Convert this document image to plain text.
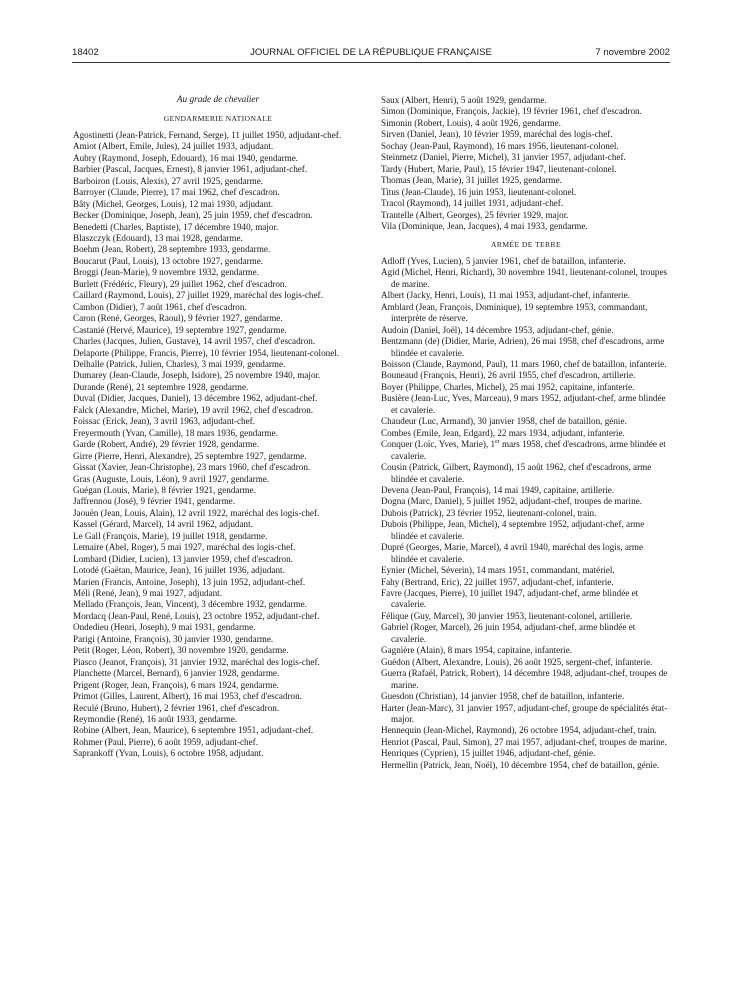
18402	JOURNAL OFFICIEL DE LA RÉPUBLIQUE FRANÇAISE	7 novembre 2002
Au grade de chevalier
GENDARMERIE NATIONALE

Agostinetti (Jean-Patrick, Fernand, Serge), 11 juillet 1950, adjudant-chef.

Amiot (Albert, Emile, Jules), 24 juillet 1933, adjudant.

Aubry (Raymond, Joseph, Edouard), 16 mai 1940, gendarme.

Barbier (Pascal, Jacques, Ernest), 8 janvier 1961, adjudant-chef.

Barboiron (Louis, Alexis), 27 avril 1925, gendarme.

Barroyer (Claude, Pierre), 17 mai 1962, chef d'escadron.

Bâty (Michel, Georges, Louis), 12 mai 1930, adjudant.

Becker (Dominique, Joseph, Jean), 25 juin 1959, chef d'escadron.

Benedetti (Charles, Baptiste), 17 décembre 1940, major.

Blaszczyk (Edouard), 13 mai 1928, gendarme.

Boehm (Jean, Robert), 28 septembre 1933, gendarme.

Boucarut (Paul, Louis), 13 octobre 1927, gendarme.

Broggi (Jean-Marie), 9 novembre 1932, gendarme.

Burlett (Frédéric, Fleury), 29 juillet 1962, chef d'escadron.

Caillard (Raymond, Louis), 27 juillet 1929, maréchal des logis-chef.

Cambon (Didier), 7 août 1961, chef d'escadron.

Caron (René, Georges, Raoul), 9 février 1927, gendarme.

Castanié (Hervé, Maurice), 19 septembre 1927, gendarme.

Charles (Jacques, Julien, Gustave), 14 avril 1957, chef d'escadron.

Delaporte (Philippe, Francis, Pierre), 10 février 1954, lieutenant-colonel.

Delhalle (Patrick, Julien, Charles), 3 mai 1939, gendarme.

Dumarey (Jean-Claude, Joseph, Isidore), 25 novembre 1940, major.

Durande (René), 21 septembre 1928, gendarme.

Duval (Didier, Jacques, Daniel), 13 décembre 1962, adjudant-chef.

Falck (Alexandre, Michel, Marie), 19 avril 1962, chef d'escadron.

Foissac (Erick, Jean), 3 avril 1963, adjudant-chef.

Freyermouth (Yvan, Camille), 18 mars 1936, gendarme.

Garde (Robert, André), 29 février 1928, gendarme.

Girre (Pierre, Henri, Alexandre), 25 septembre 1927, gendarme.

Gissat (Xavier, Jean-Christophe), 23 mars 1960, chef d'escadron.

Gras (Auguste, Louis, Léon), 9 avril 1927, gendarme.

Guégan (Louis, Marie), 8 février 1921, gendarme.

Jaffrennou (José), 9 février 1941, gendarme.

Jaouën (Jean, Louis, Alain), 12 avril 1922, maréchal des logis-chef.

Kassel (Gérard, Marcel), 14 avril 1962, adjudant.

Le Gall (François, Marie), 19 juillet 1918, gendarme.

Lemaire (Abel, Roger), 5 mai 1927, maréchal des logis-chef.

Lombard (Didier, Lucien), 13 janvier 1959, chef d'escadron.

Lotodé (Gaëtan, Maurice, Jean), 16 juillet 1936, adjudant.

Marien (Francis, Antoine, Joseph), 13 juin 1952, adjudant-chef.

Méli (René, Jean), 9 mai 1927, adjudant.

Mellado (François, Jean, Vincent), 3 décembre 1932, gendarme.

Mordacq (Jean-Paul, René, Louis), 23 octobre 1952, adjudant-chef.

Ondedieu (Henri, Joseph), 9 mai 1931, gendarme.

Parigi (Antoine, François), 30 janvier 1930, gendarme.

Petit (Roger, Léon, Robert), 30 novembre 1920, gendarme.

Piasco (Jeanot, François), 31 janvier 1932, maréchal des logis-chef.

Planchette (Marcel, Bernard), 6 janvier 1928, gendarme.

Prigent (Roger, Jean, François), 6 mars 1924, gendarme.

Primot (Gilles, Laurent, Albert), 16 mai 1953, chef d'escadron.

Reculé (Bruno, Hubert), 2 février 1961, chef d'escadron.

Reymondie (René), 16 août 1933, gendarme.

Robine (Albert, Jean, Maurice), 6 septembre 1951, adjudant-chef.

Rohmer (Paul, Pierre), 6 août 1959, adjudant-chef.

Saprankoff (Yvan, Louis), 6 octobre 1958, adjudant.

Saux (Albert, Henri), 5 août 1929, gendarme.

Simon (Dominique, François, Jackie), 19 février 1961, chef d'escadron.

Simonin (Robert, Louis), 4 août 1926, gendarme.

Sirven (Daniel, Jean), 10 février 1959, maréchal des logis-chef.

Sochay (Jean-Paul, Raymond), 16 mars 1956, lieutenant-colonel.

Steinmetz (Daniel, Pierre, Michel), 31 janvier 1957, adjudant-chef.

Tardy (Hubert, Marie, Paul), 15 février 1947, lieutenant-colonel.

Thomas (Jean, Marie), 31 juillet 1925, gendarme.

Titus (Jean-Claude), 16 juin 1953, lieutenant-colonel.

Tracol (Raymond), 14 juillet 1931, adjudant-chef.

Trantelle (Albert, Georges), 25 février 1929, major.

Vila (Dominique, Jean, Jacques), 4 mai 1933, gendarme.

ARMÉE DE TERRE

Adloff (Yves, Lucien), 5 janvier 1961, chef de bataillon, infanterie.

Agid (Michel, Henri, Richard), 30 novembre 1941, lieutenant-colonel, troupes de marine.

Albert (Jacky, Henri, Louis), 11 mai 1953, adjudant-chef, infanterie.

Amblard (Jean, François, Dominique), 19 septembre 1953, commandant, interprète de réserve.

Audoin (Daniel, Joël), 14 décembre 1953, adjudant-chef, génie.

Bentzmann (de) (Didier, Marie, Adrien), 26 mai 1958, chef d'escadrons, arme blindée et cavalerie.

Boisson (Claude, Raymond, Paul), 11 mars 1960, chef de bataillon, infanterie.

Bouneaud (François, Henri), 26 avril 1955, chef d'escadron, artillerie.

Boyer (Philippe, Charles, Michel), 25 mai 1952, capitaine, infanterie.

Busière (Jean-Luc, Yves, Marceau), 9 mars 1952, adjudant-chef, arme blindée et cavalerie.

Chaudeur (Luc, Armand), 30 janvier 1958, chef de bataillon, génie.

Combes (Emile, Jean, Edgard), 22 mars 1934, adjudant, infanterie.

Conquer (Loïc, Yves, Marie), 1er mars 1958, chef d'escadrons, arme blindée et cavalerie.

Cousin (Patrick, Gilbert, Raymond), 15 août 1962, chef d'escadrons, arme blindée et cavalerie.

Devena (Jean-Paul, François), 14 mai 1949, capitaine, artillerie.

Dogna (Marc, Daniel), 5 juillet 1952, adjudant-chef, troupes de marine.

Dubois (Patrick), 23 février 1952, lieutenant-colonel, train.

Dubois (Philippe, Jean, Michel), 4 septembre 1952, adjudant-chef, arme blindée et cavalerie.

Dupré (Georges, Marie, Marcel), 4 avril 1940, maréchal des logis, arme blindée et cavalerie.

Eynier (Michel, Séverin), 14 mars 1951, commandant, matériel.

Fahy (Bertrand, Eric), 22 juillet 1957, adjudant-chef, infanterie.

Favre (Jacques, Pierre), 10 juillet 1947, adjudant-chef, arme blindée et cavalerie.

Félique (Guy, Marcel), 30 janvier 1953, lieutenant-colonel, artillerie.

Gabriel (Roger, Marcel), 26 juin 1954, adjudant-chef, arme blindée et cavalerie.

Gagnière (Alain), 8 mars 1954, capitaine, infanterie.

Guédon (Albert, Alexandre, Louis), 26 août 1925, sergent-chef, infanterie.

Guerra (Rafaël, Patrick, Robert), 14 décembre 1948, adjudant-chef, troupes de marine.

Guesdon (Christian), 14 janvier 1958, chef de bataillon, infanterie.

Harter (Jean-Marc), 31 janvier 1957, adjudant-chef, groupe de spécialités état-major.

Hennequin (Jean-Michel, Raymond), 26 octobre 1954, adjudant-chef, train.

Henriot (Pascal, Paul, Simon), 27 mai 1957, adjudant-chef, troupes de marine.

Henriques (Cyprien), 15 juillet 1946, adjudant-chef, génie.

Hermellin (Patrick, Jean, Noël), 10 décembre 1954, chef de bataillon, génie.
